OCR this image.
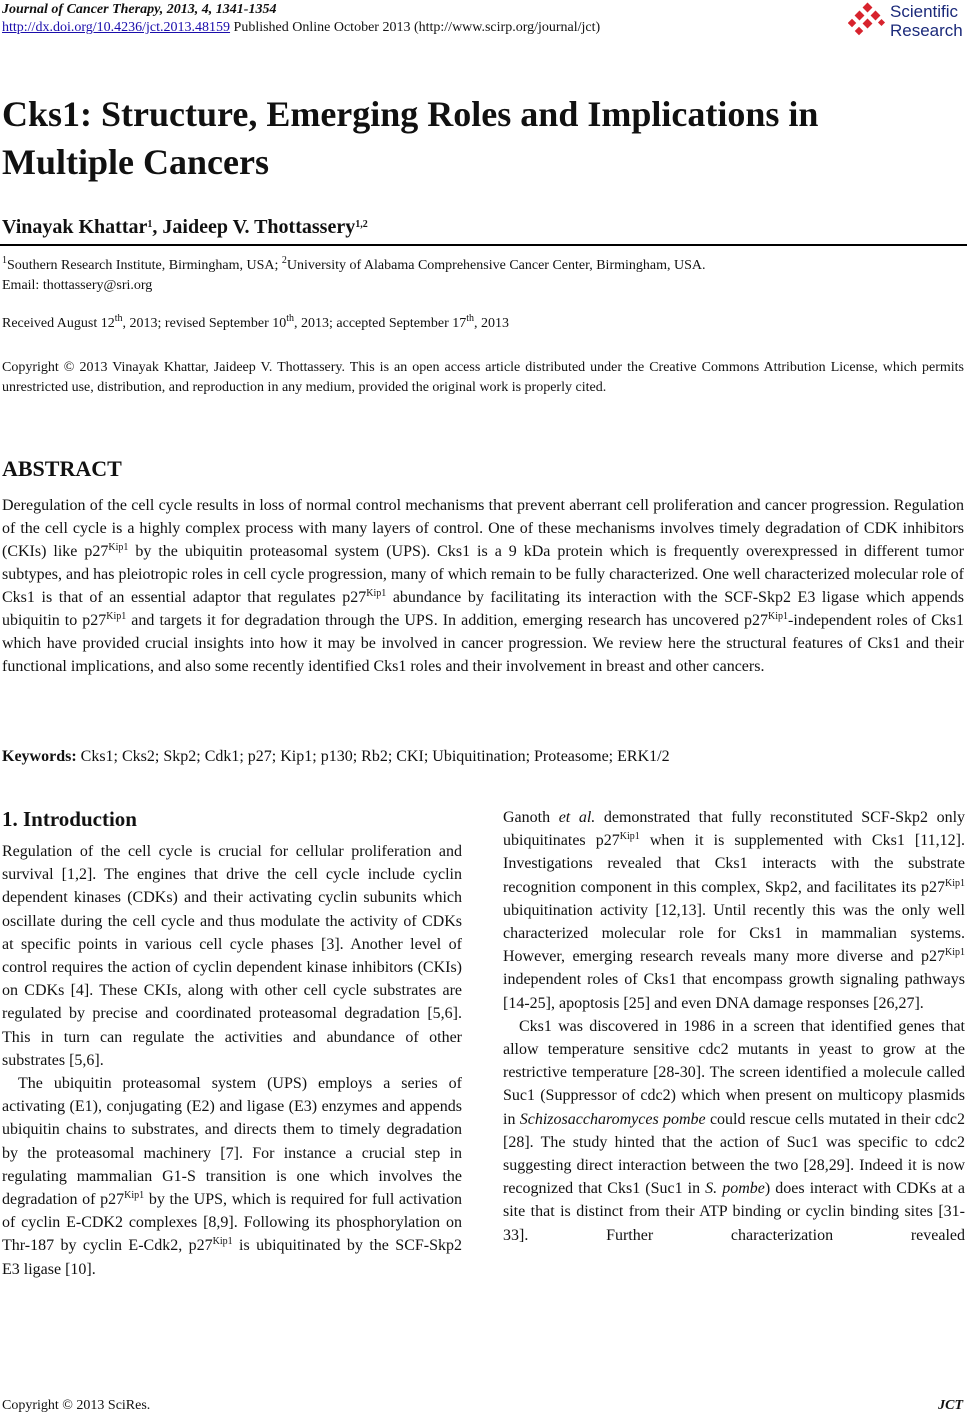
Journal of Cancer Therapy, 2013, 4, 1341-1354
http://dx.doi.org/10.4236/jct.2013.48159 Published Online October 2013 (http://www.scirp.org/journal/jct)
Scientific
Research
Cks1: Structure, Emerging Roles and Implications in
Multiple Cancers
Vinayak Khattar$^1$, Jaideep V. Thottassery$^{1,2}$
$^1$Southern Research Institute, Birmingham, USA; $^2$University of Alabama Comprehensive Cancer Center, Birmingham, USA.
Email: thottassery@sri.org
Received August 12th, 2013; revised September 10th, 2013; accepted September 17th, 2013
Copyright © 2013 Vinayak Khattar, Jaideep V. Thottassery. This is an open access article distributed under the Creative Commons Attribution License, which permits unrestricted use, distribution, and reproduction in any medium, provided the original work is properly cited.
ABSTRACT
Deregulation of the cell cycle results in loss of normal control mechanisms that prevent aberrant cell proliferation and cancer progression. Regulation of the cell cycle is a highly complex process with many layers of control. One of these mechanisms involves timely degradation of CDK inhibitors (CKIs) like $p27^{Kip1}$ by the ubiquitin proteasomal system (UPS). Cks1 is a 9 kDa protein which is frequently overexpressed in different tumor subtypes, and has pleiotropic roles in cell cycle progression, many of which remain to be fully characterized. One well characterized molecular role of Cks1 is that of an essential adaptor that regulates $p27^{Kip1}$ abundance by facilitating its interaction with the SCF-Skp2 E3 ligase which appends ubiquitin to $p27^{Kip1}$ and targets it for degradation through the UPS. In addition, emerging research has uncovered $p27^{Kip1}$-independent roles of Cks1 which have provided crucial insights into how it may be involved in cancer progression. We review here the structural features of Cks1 and their functional implications, and also some recently identified Cks1 roles and their involvement in breast and other cancers.
Keywords: Cks1; Cks2; Skp2; Cdk1; p27; Kip1; p130; Rb2; CKI; Ubiquitination; Proteasome; ERK1/2
1. Introduction

Regulation of the cell cycle is crucial for cellular proliferation and survival [1,2]. The engines that drive the cell cycle include cyclin dependent kinases (CDKs) and their activating cyclin subunits which oscillate during the cell cycle and thus modulate the activity of CDKs at specific points in various cell cycle phases [3]. Another level of control requires the action of cyclin dependent kinase inhibitors (CKIs) on CDKs [4]. These CKIs, along with other cell cycle substrates are regulated by precise and coordinated proteasomal degradation [5,6]. This in turn can regulate the activities and abundance of other substrates [5,6].

The ubiquitin proteasomal system (UPS) employs a series of activating (E1), conjugating (E2) and ligase (E3) enzymes and appends ubiquitin chains to substrates, and directs them to timely degradation by the proteasomal machinery [7]. For instance a crucial step in regulating mammalian G1-S transition is one which involves the degradation of $p27^{Kip1}$ by the UPS, which is required for full activation of cyclin E-CDK2 complexes [8,9]. Following its phosphorylation on Thr-187 by cyclin E-Cdk2, $p27^{Kip1}$ is ubiquitinated by the SCF-Skp2 E3 ligase [10].

Ganoth et al. demonstrated that fully reconstituted SCF-Skp2 only ubiquitinates $p27^{Kip1}$ when it is supplemented with Cks1 [11,12]. Investigations revealed that Cks1 interacts with the substrate recognition component in this complex, Skp2, and facilitates its $p27^{Kip1}$ ubiquitination activity [12,13]. Until recently this was the only well characterized molecular role for Cks1 in mammalian systems. However, emerging research reveals many more diverse and $p27^{Kip1}$ independent roles of Cks1 that encompass growth signaling pathways [14-25], apoptosis [25] and even DNA damage responses [26,27].

Cks1 was discovered in 1986 in a screen that identified genes that allow temperature sensitive cdc2 mutants in yeast to grow at the restrictive temperature [28-30]. The screen identified a molecule called Suc1 (Suppressor of cdc2) which when present on multicopy plasmids in Schizosaccharomyces pombe could rescue cells mutated in their cdc2 [28]. The study hinted that the action of Suc1 was specific to cdc2 suggesting direct interaction between the two [28,29]. Indeed it is now recognized that Cks1 (Suc1 in S. pombe) does interact with CDKs at a site that is distinct from their ATP binding or cyclin binding sites [31-33]. Further characterization revealed

Copyright © 2013 SciRes.	JCT
